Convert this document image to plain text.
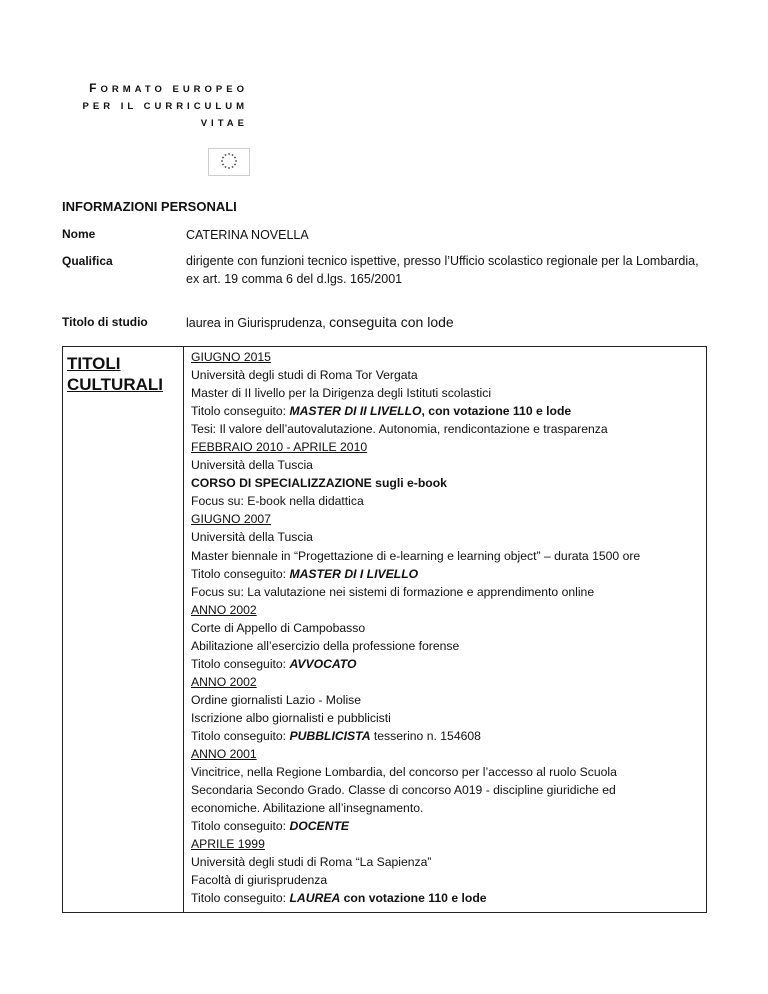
FORMATO EUROPEO
PER IL CURRICULUM
VITAE
INFORMAZIONI PERSONALI
Nome	CATERINA NOVELLA
Qualifica	dirigente con funzioni tecnico ispettive, presso l’Ufficio scolastico regionale per la Lombardia, ex art. 19 comma 6 del d.lgs. 165/2001
Titolo di studio	laurea in Giurisprudenza, conseguita con lode
TITOLI
CULTURALI
GIUGNO 2015
Università degli studi di Roma Tor Vergata
Master di II livello per la Dirigenza degli Istituti scolastici
Titolo conseguito: MASTER DI II LIVELLO, con votazione 110 e lode
Tesi: Il valore dell’autovalutazione. Autonomia, rendicontazione e trasparenza
FEBBRAIO 2010 - APRILE 2010
Università della Tuscia
CORSO DI SPECIALIZZAZIONE sugli e-book
Focus su: E-book nella didattica
GIUGNO 2007
Università della Tuscia
Master biennale in “Progettazione di e-learning e learning object” – durata 1500 ore
Titolo conseguito: MASTER DI I LIVELLO
Focus su: La valutazione nei sistemi di formazione e apprendimento online
ANNO 2002
Corte di Appello di Campobasso
Abilitazione all’esercizio della professione forense
Titolo conseguito: AVVOCATO
ANNO 2002
Ordine giornalisti Lazio - Molise
Iscrizione albo giornalisti e pubblicisti
Titolo conseguito: PUBBLICISTA tesserino n. 154608
ANNO 2001
Vincitrice, nella Regione Lombardia, del concorso per l’accesso al ruolo Scuola
Secondaria Secondo Grado. Classe di concorso A019 - discipline giuridiche ed
economiche. Abilitazione all’insegnamento.
Titolo conseguito: DOCENTE
APRILE 1999
Università degli studi di Roma “La Sapienza”
Facoltà di giurisprudenza
Titolo conseguito: LAUREA con votazione 110 e lode
